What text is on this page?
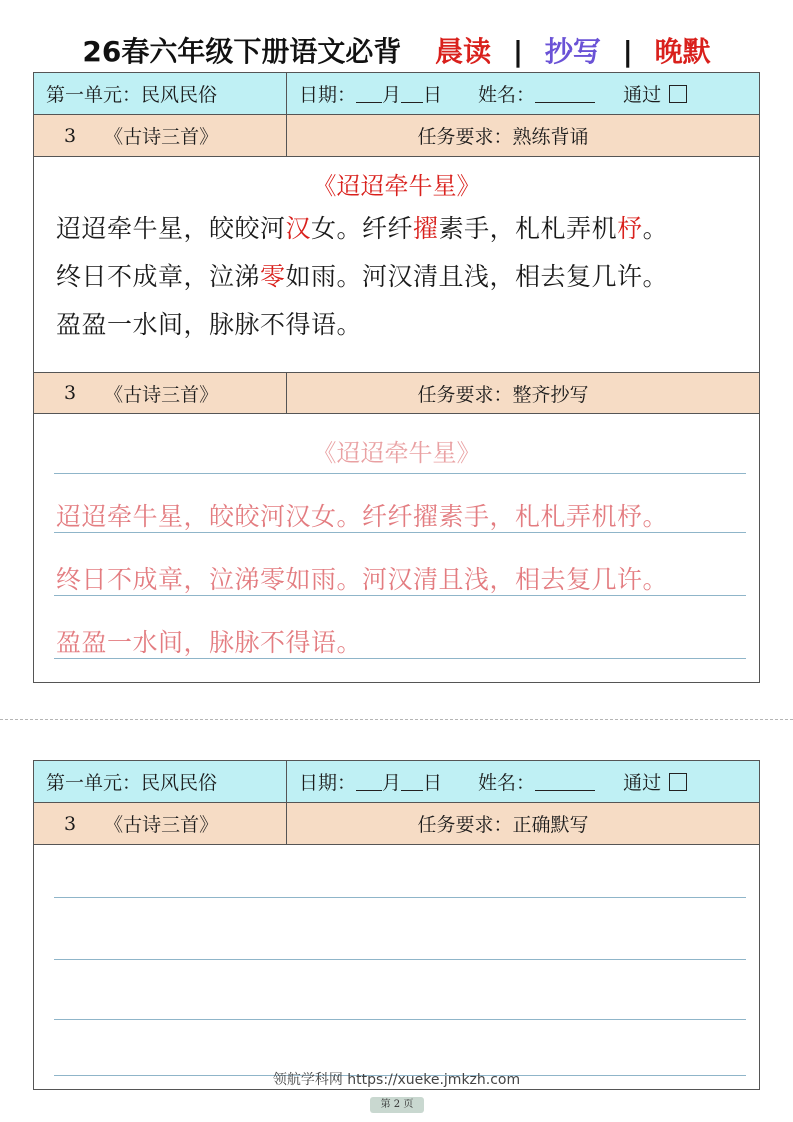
26春六年级下册语文必背 晨读 | 抄写 | 晚默
第一单元：民风民俗	日期： 月 日 姓名：	通过
3 《古诗三首》	任务要求：熟练背诵
《迢迢牵牛星》
迢迢牵牛星，皎皎河汉女。纤纤擢素手，札札弄机杼。
终日不成章，泣涕零如雨。河汉清且浅，相去复几许。
盈盈一水间，脉脉不得语。
3 《古诗三首》	任务要求：整齐抄写
《迢迢牵牛星》
迢迢牵牛星，皎皎河汉女。纤纤擢素手，札札弄机杼。
终日不成章，泣涕零如雨。河汉清且浅，相去复几许。
盈盈一水间，脉脉不得语。
第一单元：民风民俗	日期： 月 日 姓名：	通过
3 《古诗三首》	任务要求：正确默写
领航学科网 https://xueke.jmkzh.com
第 2 页
